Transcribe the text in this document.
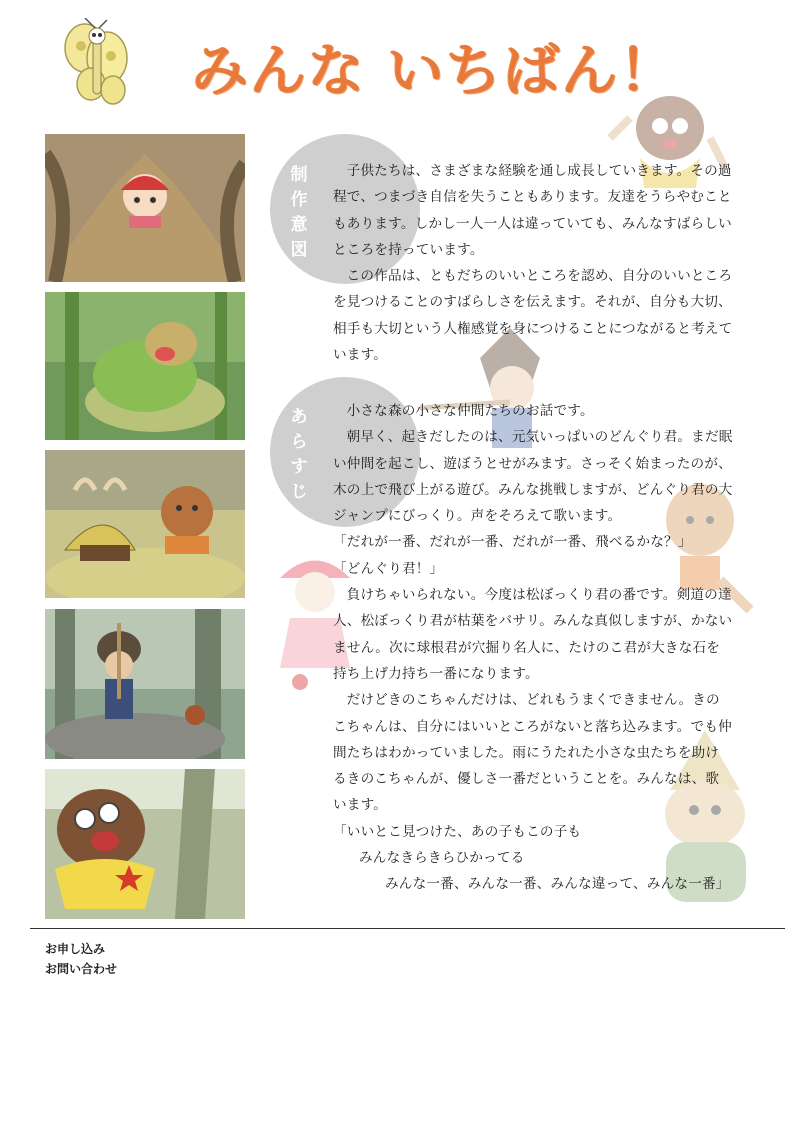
みんな いちばん！
制
作
意
図
あ
ら
す
じ

子供たちは、さまざまな経験を通し成長していきます。その過程で、つまづき自信を失うこともあります。友達をうらやむこともあります。しかし一人一人は違っていても、みんなすばらしいところを持っています。

この作品は、ともだちのいいところを認め、自分のいいところを見つけることのすばらしさを伝えます。それが、自分も大切、相手も大切という人権感覚を身につけることにつながると考えています。

小さな森の小さな仲間たちのお話です。

朝早く、起きだしたのは、元気いっぱいのどんぐり君。まだ眠い仲間を起こし、遊ぼうとせがみます。さっそく始まったのが、木の上で飛び上がる遊び。みんな挑戦しますが、どんぐり君の大ジャンプにびっくり。声をそろえて歌います。

「だれが一番、だれが一番、だれが一番、飛べるかな？」

「どんぐり君！」

負けちゃいられない。今度は松ぼっくり君の番です。剣道の達人、松ぼっくり君が枯葉をバサリ。みんな真似しますが、かないません。次に球根君が穴掘り名人に、たけのこ君が大きな石を持ち上げ力持ち一番になります。

だけどきのこちゃんだけは、どれもうまくできません。きのこちゃんは、自分にはいいところがないと落ち込みます。でも仲間たちはわかっていました。雨にうたれた小さな虫たちを助けるきのこちゃんが、優しさ一番だということを。みんなは、歌います。

「いいとこ見つけた、あの子もこの子も

みんなきらきらひかってる

みんな一番、みんな一番、みんな違って、みんな一番」

お申し込み
お問い合わせ
